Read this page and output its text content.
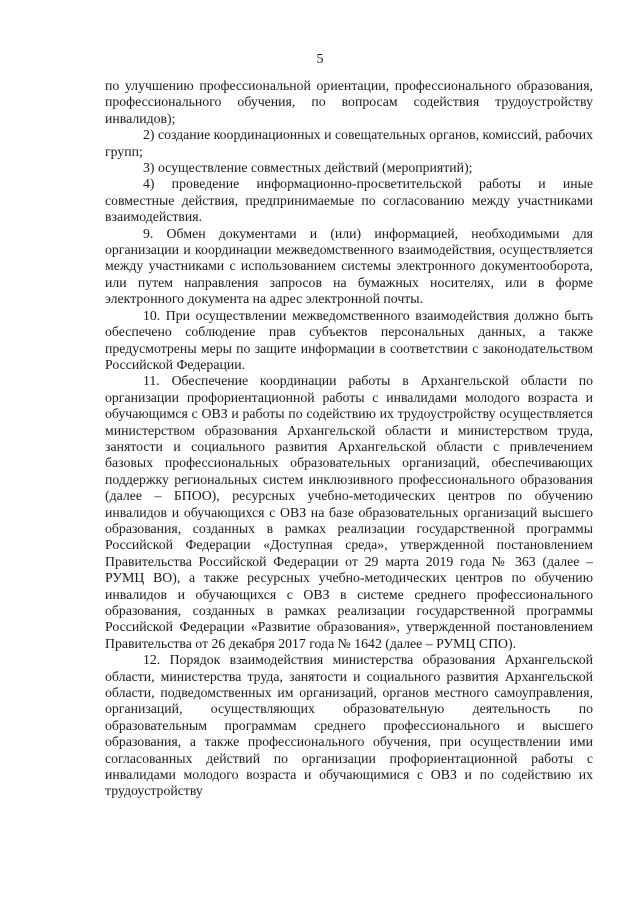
5

по улучшению профессиональной ориентации, профессионального образования, профессионального обучения, по вопросам содействия трудоустройству инвалидов);

2) создание координационных и совещательных органов, комиссий, рабочих групп;

3) осуществление совместных действий (мероприятий);

4) проведение информационно-просветительской работы и иные совместные действия, предпринимаемые по согласованию между участниками взаимодействия.

9. Обмен документами и (или) информацией, необходимыми для организации и координации межведомственного взаимодействия, осуществляется между участниками с использованием системы электронного документооборота, или путем направления запросов на бумажных носителях, или в форме электронного документа на адрес электронной почты.

10. При осуществлении межведомственного взаимодействия должно быть обеспечено соблюдение прав субъектов персональных данных, а также предусмотрены меры по защите информации в соответствии с законодательством Российской Федерации.

11. Обеспечение координации работы в Архангельской области по организации профориентационной работы с инвалидами молодого возраста и обучающимся с ОВЗ и работы по содействию их трудоустройству осуществляется министерством образования Архангельской области и министерством труда, занятости и социального развития Архангельской области с привлечением базовых профессиональных образовательных организаций, обеспечивающих поддержку региональных систем инклюзивного профессионального образования (далее – БПОО), ресурсных учебно-методических центров по обучению инвалидов и обучающихся с ОВЗ на базе образовательных организаций высшего образования, созданных в рамках реализации государственной программы Российской Федерации «Доступная среда», утвержденной постановлением Правительства Российской Федерации от 29 марта 2019 года № 363 (далее – РУМЦ ВО), а также ресурсных учебно-методических центров по обучению инвалидов и обучающихся с ОВЗ в системе среднего профессионального образования, созданных в рамках реализации государственной программы Российской Федерации «Развитие образования», утвержденной постановлением Правительства от 26 декабря 2017 года № 1642 (далее – РУМЦ СПО).

12. Порядок взаимодействия министерства образования Архангельской области, министерства труда, занятости и социального развития Архангельской области, подведомственных им организаций, органов местного самоуправления, организаций, осуществляющих образовательную деятельность по образовательным программам среднего профессионального и высшего образования, а также профессионального обучения, при осуществлении ими согласованных действий по организации профориентационной работы с инвалидами молодого возраста и обучающимися с ОВЗ и по содействию их трудоустройству
